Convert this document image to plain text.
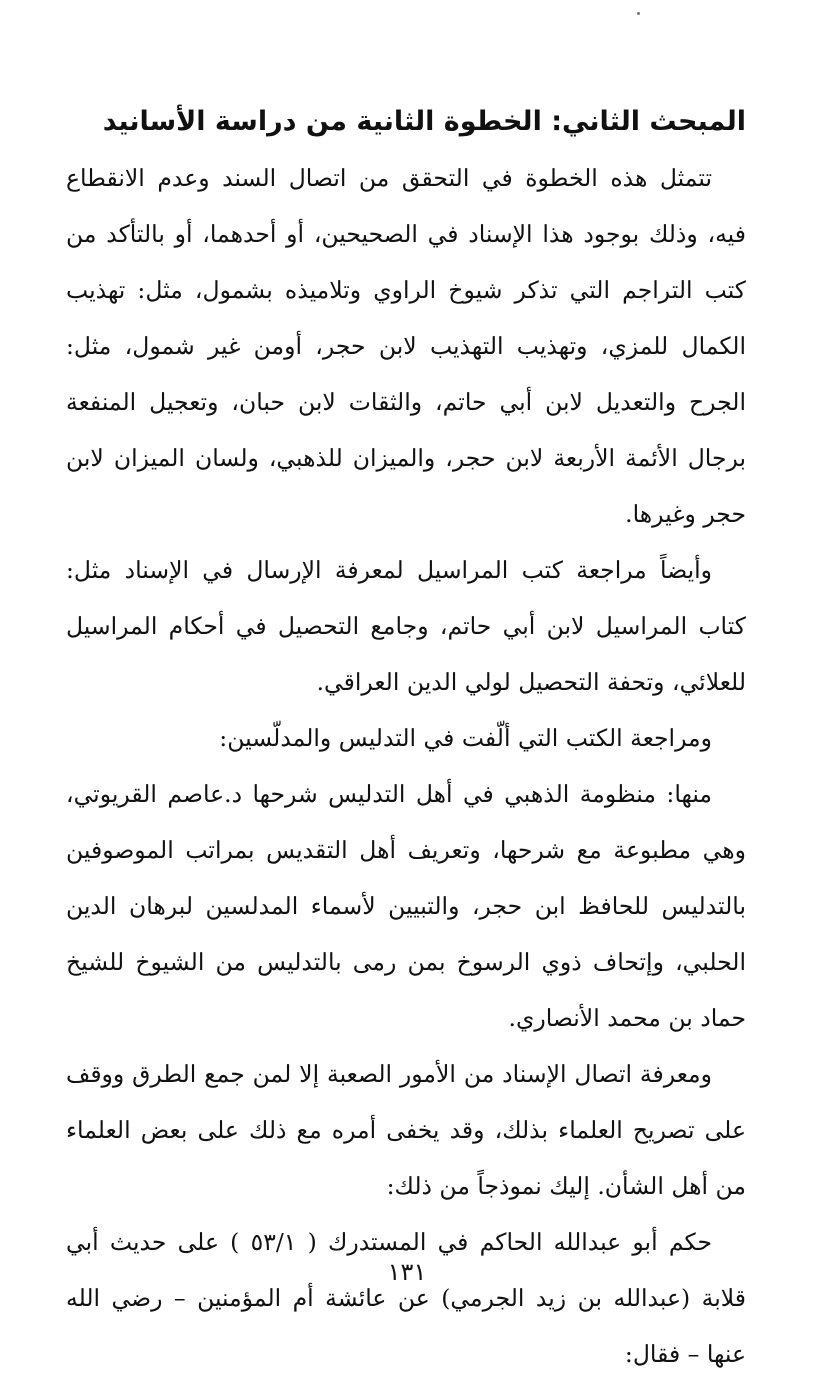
المبحث الثاني: الخطوة الثانية من دراسة الأسانيد

تتمثل هذه الخطوة في التحقق من اتصال السند وعدم الانقطاع فيه، وذلك بوجود هذا الإسناد في الصحيحين، أو أحدهما، أو بالتأكد من كتب التراجم التي تذكر شيوخ الراوي وتلاميذه بشمول، مثل: تهذيب الكمال للمزي، وتهذيب التهذيب لابن حجر، أومن غير شمول، مثل: الجرح والتعديل لابن أبي حاتم، والثقات لابن حبان، وتعجيل المنفعة برجال الأئمة الأربعة لابن حجر، والميزان للذهبي، ولسان الميزان لابن حجر وغيرها.

وأيضاً مراجعة كتب المراسيل لمعرفة الإرسال في الإسناد مثل: كتاب المراسيل لابن أبي حاتم، وجامع التحصيل في أحكام المراسيل للعلائي، وتحفة التحصيل لولي الدين العراقي.

ومراجعة الكتب التي ألّفت في التدليس والمدلّسين:

منها: منظومة الذهبي في أهل التدليس شرحها د.عاصم القريوتي، وهي مطبوعة مع شرحها، وتعريف أهل التقديس بمراتب الموصوفين بالتدليس للحافظ ابن حجر، والتبيين لأسماء المدلسين لبرهان الدين الحلبي، وإتحاف ذوي الرسوخ بمن رمى بالتدليس من الشيوخ للشيخ حماد بن محمد الأنصاري.

ومعرفة اتصال الإسناد من الأمور الصعبة إلا لمن جمع الطرق ووقف على تصريح العلماء بذلك، وقد يخفى أمره مع ذلك على بعض العلماء من أهل الشأن. إليك نموذجاً من ذلك:

حكم أبو عبدالله الحاكم في المستدرك ( ٥٣/١ ) على حديث أبي قلابة (عبدالله بن زيد الجرمي) عن عائشة أم المؤمنين – رضي الله عنها – فقال:

١٣١
